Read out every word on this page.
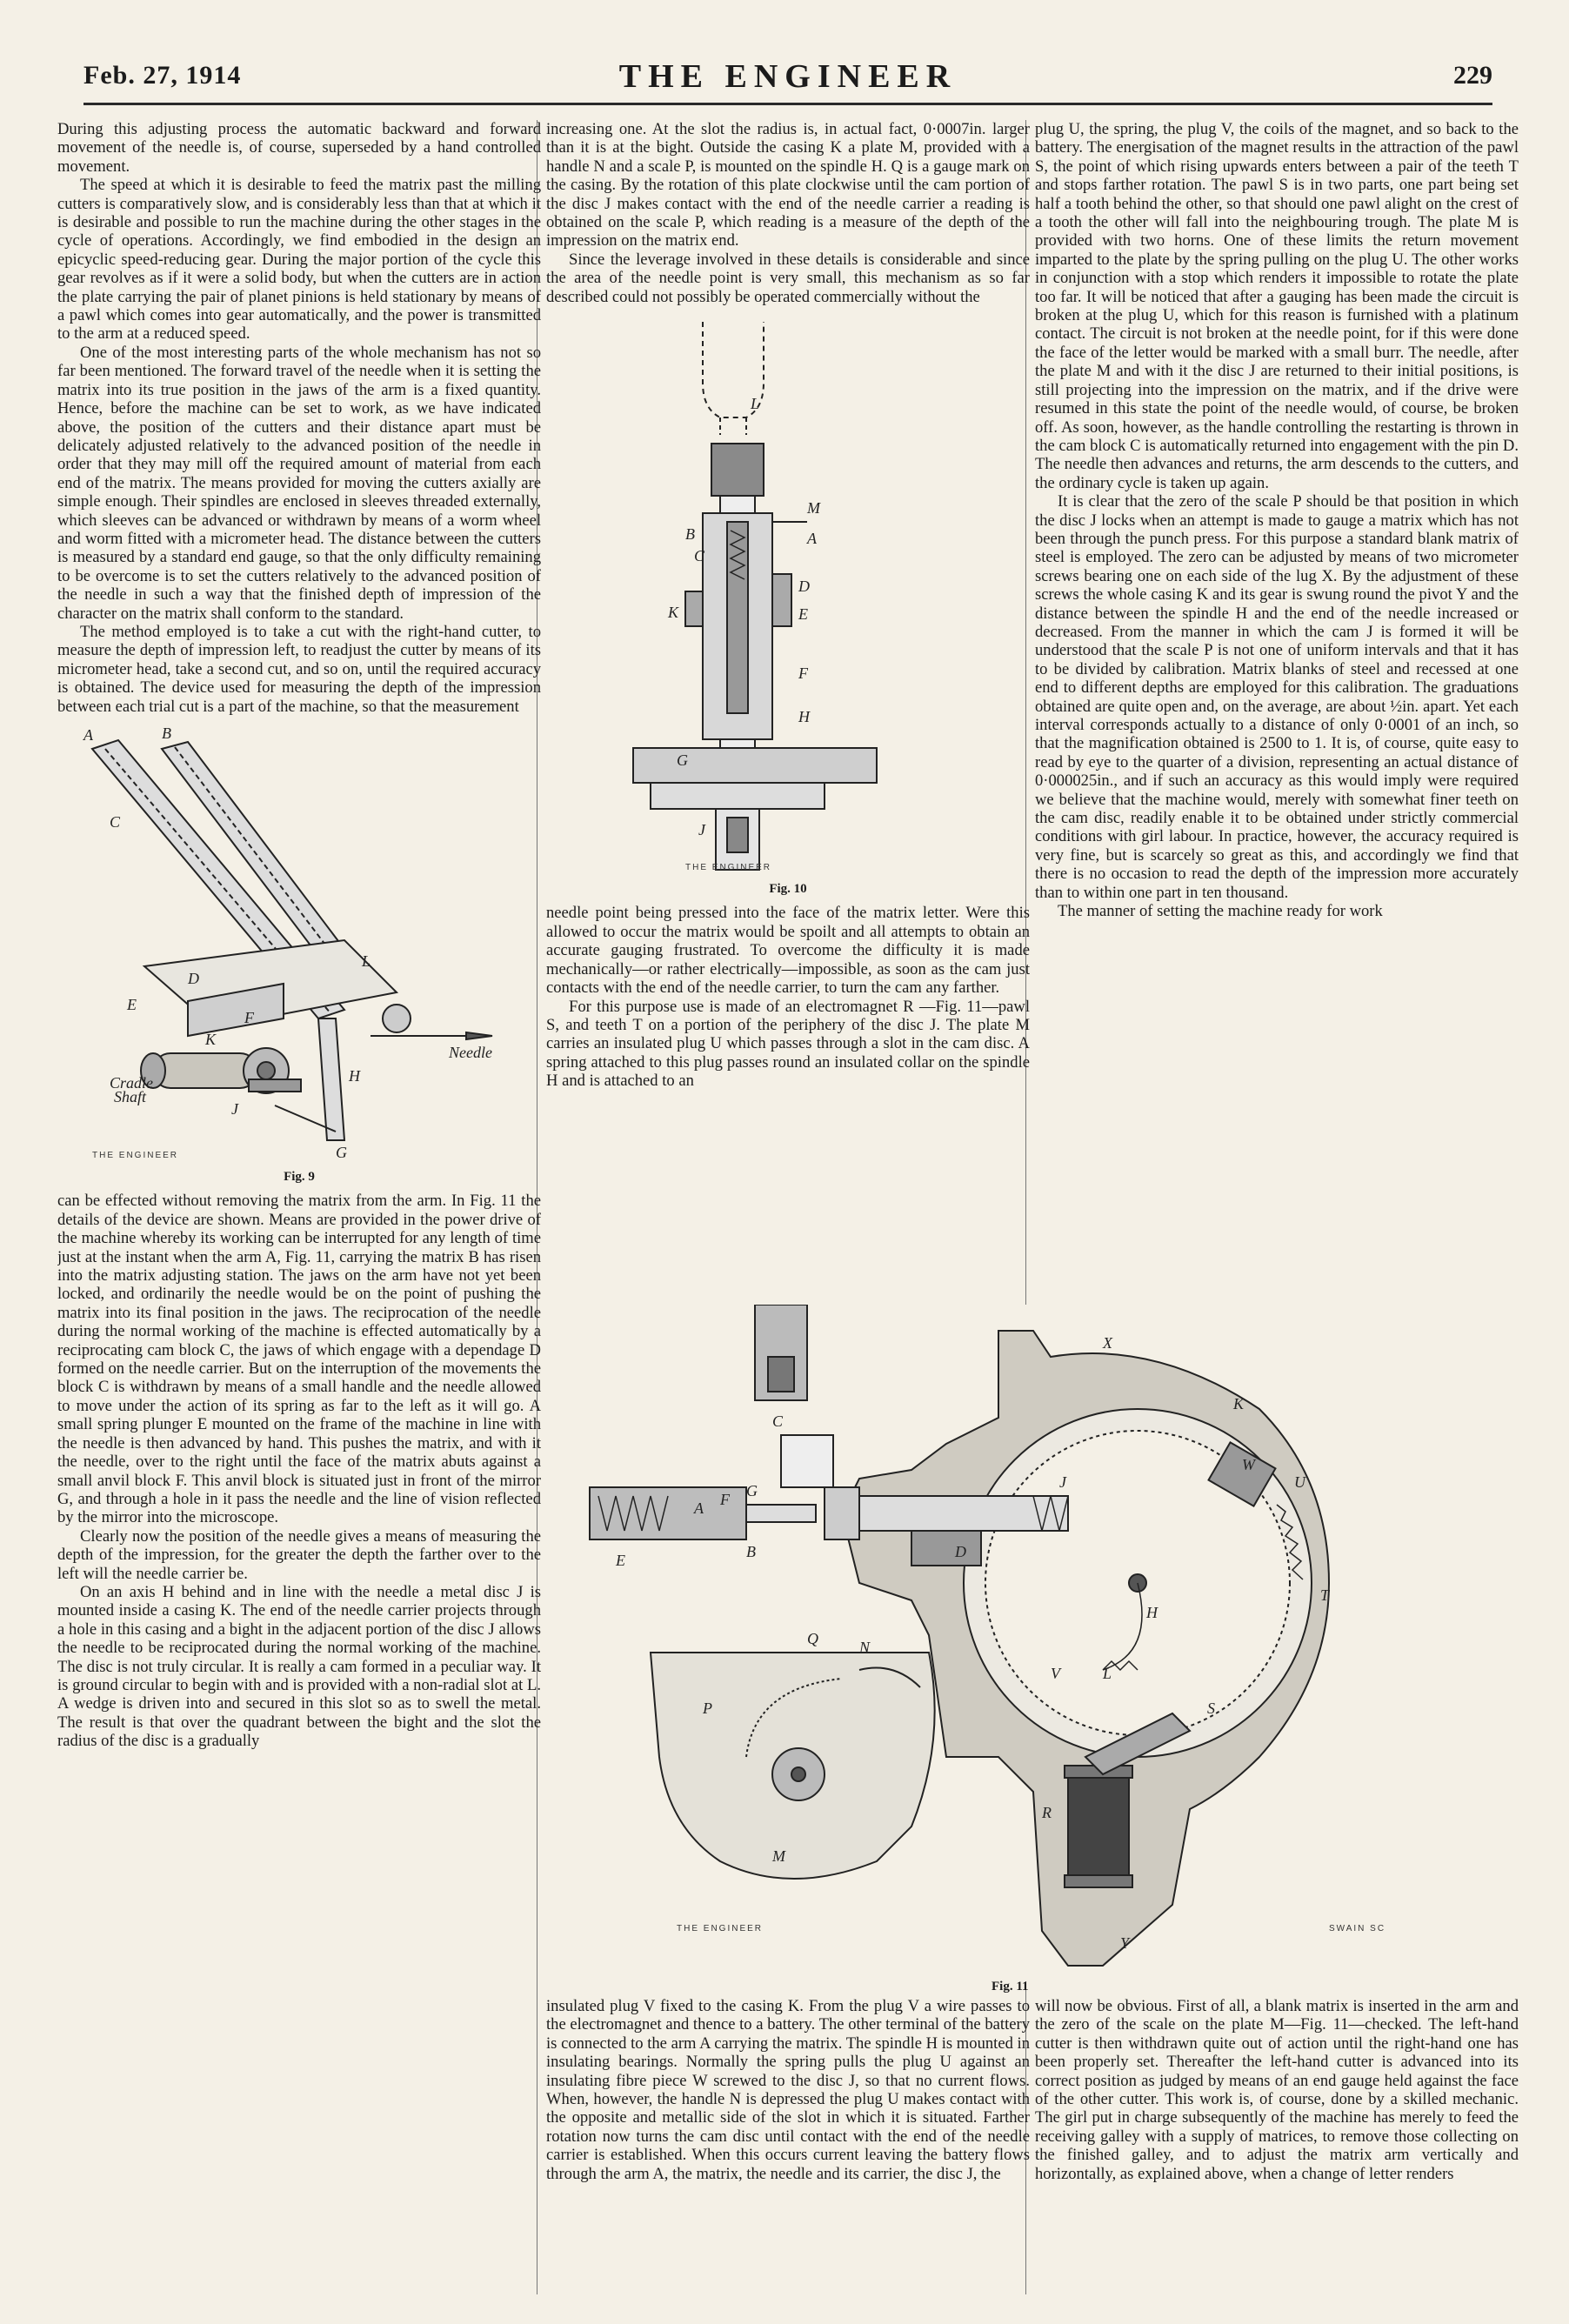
Feb. 27, 1914	THE ENGINEER	229

During this adjusting process the automatic backward and forward movement of the needle is, of course, superseded by a hand controlled movement.

The speed at which it is desirable to feed the matrix past the milling cutters is comparatively slow, and is considerably less than that at which it is desirable and possible to run the machine during the other stages in the cycle of operations. Accordingly, we find embodied in the design an epicyclic speed-reducing gear. During the major portion of the cycle this gear revolves as if it were a solid body, but when the cutters are in action the plate carrying the pair of planet pinions is held stationary by means of a pawl which comes into gear automatically, and the power is transmitted to the arm at a reduced speed.

One of the most interesting parts of the whole mechanism has not so far been mentioned. The forward travel of the needle when it is setting the matrix into its true position in the jaws of the arm is a fixed quantity. Hence, before the machine can be set to work, as we have indicated above, the position of the cutters and their distance apart must be delicately adjusted relatively to the advanced position of the needle in order that they may mill off the required amount of material from each end of the matrix. The means provided for moving the cutters axially are simple enough. Their spindles are enclosed in sleeves threaded externally, which sleeves can be advanced or withdrawn by means of a worm wheel and worm fitted with a micrometer head. The distance between the cutters is measured by a standard end gauge, so that the only difficulty remaining to be overcome is to set the cutters relatively to the advanced position of the needle in such a way that the finished depth of impression of the character on the matrix shall conform to the standard.

The method employed is to take a cut with the right-hand cutter, to measure the depth of impression left, to readjust the cutter by means of its micrometer head, take a second cut, and so on, until the required accuracy is obtained. The device used for measuring the depth of the impression between each trial cut is a part of the machine, so that the measurement

A	B
C
D
E
F
G
H
J
K
L
Cradle
Shaft
Needle
THE ENGINEER
Fig. 9

can be effected without removing the matrix from the arm. In Fig. 11 the details of the device are shown. Means are provided in the power drive of the machine whereby its working can be interrupted for any length of time just at the instant when the arm A, Fig. 11, carrying the matrix B has risen into the matrix adjusting station. The jaws on the arm have not yet been locked, and ordinarily the needle would be on the point of pushing the matrix into its final position in the jaws. The reciprocation of the needle during the normal working of the machine is effected automatically by a reciprocating cam block C, the jaws of which engage with a dependage D formed on the needle carrier. But on the interruption of the movements the block C is withdrawn by means of a small handle and the needle allowed to move under the action of its spring as far to the left as it will go. A small spring plunger E mounted on the frame of the machine in line with the needle is then advanced by hand. This pushes the matrix, and with it the needle, over to the right until the face of the matrix abuts against a small anvil block F. This anvil block is situated just in front of the mirror G, and through a hole in it pass the needle and the line of vision reflected by the mirror into the microscope.

Clearly now the position of the needle gives a means of measuring the depth of the impression, for the greater the depth the farther over to the left will the needle carrier be.

On an axis H behind and in line with the needle a metal disc J is mounted inside a casing K. The end of the needle carrier projects through a hole in this casing and a bight in the adjacent portion of the disc J allows the needle to be reciprocated during the normal working of the machine. The disc is not truly circular. It is really a cam formed in a peculiar way. It is ground circular to begin with and is provided with a non-radial slot at L. A wedge is driven into and secured in this slot so as to swell the metal. The result is that over the quadrant between the bight and the slot the radius of the disc is a gradually

increasing one. At the slot the radius is, in actual fact, 0·0007in. larger than it is at the bight. Outside the casing K a plate M, provided with a handle N and a scale P, is mounted on the spindle H. Q is a gauge mark on the casing. By the rotation of this plate clockwise until the cam portion of the disc J makes contact with the end of the needle carrier a reading is obtained on the scale P, which reading is a measure of the depth of the impression on the matrix end.

Since the leverage involved in these details is considerable and since the area of the needle point is very small, this mechanism as so far described could not possibly be operated commercially without the

L
M
B
C
A
D
K	E
F
H
G
J
THE ENGINEER
Fig. 10

needle point being pressed into the face of the matrix letter. Were this allowed to occur the matrix would be spoilt and all attempts to obtain an accurate gauging frustrated. To overcome the difficulty it is made mechanically—or rather electrically—impossible, as soon as the cam just contacts with the end of the needle carrier, to turn the cam any farther.

For this purpose use is made of an electromagnet R —Fig. 11—pawl S, and teeth T on a portion of the periphery of the disc J. The plate M carries an insulated plug U which passes through a slot in the cam disc. A spring attached to this plug passes round an insulated collar on the spindle H and is attached to an

plug U, the spring, the plug V, the coils of the magnet, and so back to the battery. The energisation of the magnet results in the attraction of the pawl S, the point of which rising upwards enters between a pair of the teeth T and stops farther rotation. The pawl S is in two parts, one part being set half a tooth behind the other, so that should one pawl alight on the crest of a tooth the other will fall into the neighbouring trough. The plate M is provided with two horns. One of these limits the return movement imparted to the plate by the spring pulling on the plug U. The other works in conjunction with a stop which renders it impossible to rotate the plate too far. It will be noticed that after a gauging has been made the circuit is broken at the plug U, which for this reason is furnished with a platinum contact. The circuit is not broken at the needle point, for if this were done the face of the letter would be marked with a small burr. The needle, after the plate M and with it the disc J are returned to their initial positions, is still projecting into the impression on the matrix, and if the drive were resumed in this state the point of the needle would, of course, be broken off. As soon, however, as the handle controlling the restarting is thrown in the cam block C is automatically returned into engagement with the pin D. The needle then advances and returns, the arm descends to the cutters, and the ordinary cycle is taken up again.

It is clear that the zero of the scale P should be that position in which the disc J locks when an attempt is made to gauge a matrix which has not been through the punch press. For this purpose a standard blank matrix of steel is employed. The zero can be adjusted by means of two micrometer screws bearing one on each side of the lug X. By the adjustment of these screws the whole casing K and its gear is swung round the pivot Y and the distance between the spindle H and the end of the needle increased or decreased. From the manner in which the cam J is formed it will be understood that the scale P is not one of uniform intervals and that it has to be divided by calibration. Matrix blanks of steel and recessed at one end to different depths are employed for this calibration. The graduations obtained are quite open and, on the average, are about ½in. apart. Yet each interval corresponds actually to a distance of only 0·0001 of an inch, so that the magnification obtained is 2500 to 1. It is, of course, quite easy to read by eye to the quarter of a division, representing an actual distance of 0·000025in., and if such an accuracy as this would imply were required we believe that the machine would, merely with somewhat finer teeth on the cam disc, readily enable it to be obtained under strictly commercial conditions with girl labour. In practice, however, the accuracy required is very fine, but is scarcely so great as this, and accordingly we find that there is no occasion to read the depth of the impression more accurately than to within one part in ten thousand.

The manner of setting the machine ready for work

X
K
W
U
J
T
H
V	L
S
R
Y
C
A F G
E	B	D
Q	N
P
M
THE ENGINEER	SWAIN SC
Fig. 11

insulated plug V fixed to the casing K. From the plug V a wire passes to the electromagnet and thence to a battery. The other terminal of the battery is connected to the arm A carrying the matrix. The spindle H is mounted in insulating bearings. Normally the spring pulls the plug U against an insulating fibre piece W screwed to the disc J, so that no current flows. When, however, the handle N is depressed the plug U makes contact with the opposite and metallic side of the slot in which it is situated. Farther rotation now turns the cam disc until contact with the end of the needle carrier is established. When this occurs current leaving the battery flows through the arm A, the matrix, the needle and its carrier, the disc J, the

will now be obvious. First of all, a blank matrix is inserted in the arm and the zero of the scale on the plate M—Fig. 11—checked. The left-hand cutter is then withdrawn quite out of action until the right-hand one has been properly set. Thereafter the left-hand cutter is advanced into its correct position as judged by means of an end gauge held against the face of the other cutter. This work is, of course, done by a skilled mechanic. The girl put in charge subsequently of the machine has merely to feed the receiving galley with a supply of matrices, to remove those collecting on the finished galley, and to adjust the matrix arm vertically and horizontally, as explained above, when a change of letter renders
